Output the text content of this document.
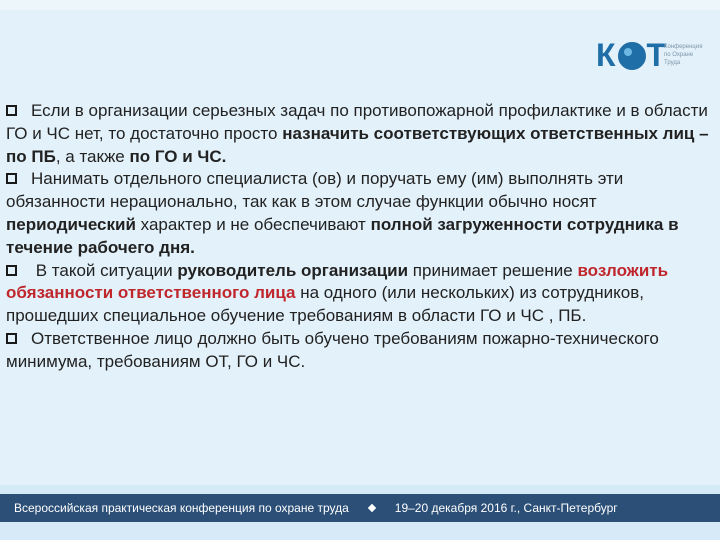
К Т
Конференция
по Охране
Труда

Если в организации серьезных задач по противопожарной профилактике и в области ГО и ЧС нет, то достаточно просто назначить соответствующих ответственных лиц – по ПБ, а также по ГО и ЧС.

Нанимать отдельного специалиста (ов) и поручать ему (им) выполнять эти обязанности нерационально, так как в этом случае функции обычно носят периодический характер и не обеспечивают полной загруженности сотрудника в течение рабочего дня.

В такой ситуации руководитель организации принимает решение возложить обязанности ответственного лица на одного (или нескольких) из сотрудников, прошедших специальное обучение требованиям в области ГО и ЧС , ПБ.

Ответственное лицо должно быть обучено требованиям пожарно-технического минимума, требованиям ОТ, ГО и ЧС.

Всероссийская практическая конференция по охране труда	19–20 декабря 2016 г., Санкт-Петербург
